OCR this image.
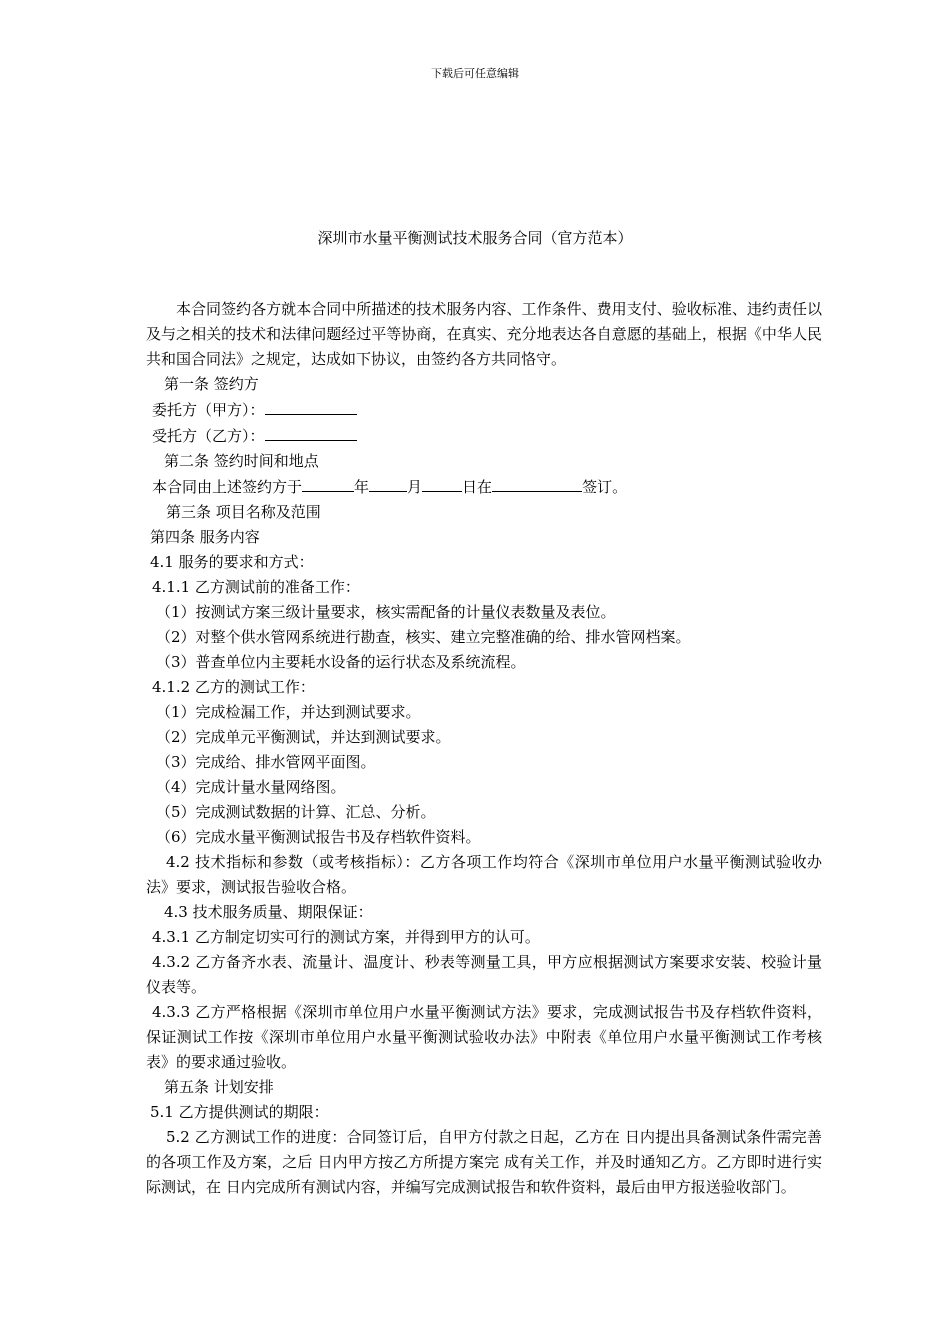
下载后可任意编辑
深圳市水量平衡测试技术服务合同（官方范本）
本合同签约各方就本合同中所描述的技术服务内容、工作条件、费用支付、验收标准、违约责任以及与之相关的技术和法律问题经过平等协商，在真实、充分地表达各自意愿的基础上，根据《中华人民共和国合同法》之规定，达成如下协议，由签约各方共同恪守。
第一条 签约方
委托方（甲方）：
受托方（乙方）：
第二条 签约时间和地点
本合同由上述签约方于	年	月	日在	签订。
第三条 项目名称及范围
第四条 服务内容
4.1 服务的要求和方式：
4.1.1 乙方测试前的准备工作：
（1）按测试方案三级计量要求，核实需配备的计量仪表数量及表位。
（2）对整个供水管网系统进行勘查，核实、建立完整准确的给、排水管网档案。
（3）普查单位内主要耗水设备的运行状态及系统流程。
4.1.2 乙方的测试工作：
（1）完成检漏工作，并达到测试要求。
（2）完成单元平衡测试，并达到测试要求。
（3）完成给、排水管网平面图。
（4）完成计量水量网络图。
（5）完成测试数据的计算、汇总、分析。
（6）完成水量平衡测试报告书及存档软件资料。
4.2 技术指标和参数（或考核指标）：乙方各项工作均符合《深圳市单位用户水量平衡测试验收办法》要求，测试报告验收合格。
4.3 技术服务质量、期限保证：
4.3.1 乙方制定切实可行的测试方案，并得到甲方的认可。
4.3.2 乙方备齐水表、流量计、温度计、秒表等测量工具，甲方应根据测试方案要求安装、校验计量仪表等。
4.3.3 乙方严格根据《深圳市单位用户水量平衡测试方法》要求，完成测试报告书及存档软件资料，保证测试工作按《深圳市单位用户水量平衡测试验收办法》中附表《单位用户水量平衡测试工作考核表》的要求通过验收。
第五条 计划安排
5.1 乙方提供测试的期限：
5.2 乙方测试工作的进度：合同签订后，自甲方付款之日起，乙方在 日内提出具备测试条件需完善的各项工作及方案，之后 日内甲方按乙方所提方案完 成有关工作，并及时通知乙方。乙方即时进行实际测试，在 日内完成所有测试内容，并编写完成测试报告和软件资料，最后由甲方报送验收部门。
